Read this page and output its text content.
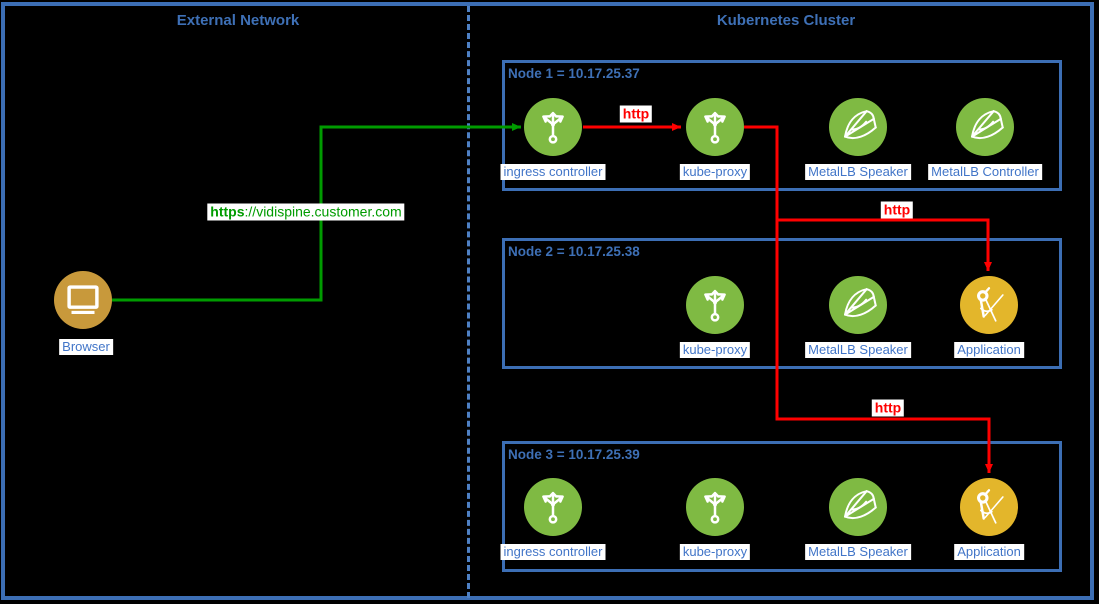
External Network	Kubernetes Cluster
Node 1 = 10.17.25.37
Node 2 = 10.17.25.38
Node 3 = 10.17.25.39
Browser
ingress controller	kube-proxy	MetalLB Speaker MetalLB Controller
kube-proxy	MetalLB Speaker	Application
ingress controller	kube-proxy	MetalLB Speaker	Application
https://vidispine.customer.com
http
http
http
